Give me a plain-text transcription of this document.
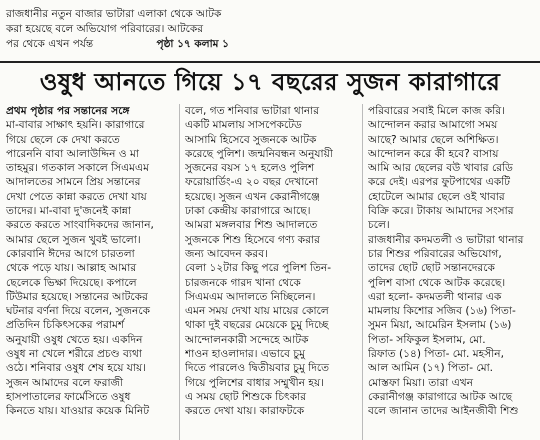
রাজধানীর নতুন বাজার ভাটারা এলাকা থেকে আটক
করা হয়েছে বলে অভিযোগ পরিবারের। আটকের
পর থেকে এখন পর্যন্ত	পৃষ্ঠা ১৭ কলাম ১
ওষুধ আনতে গিয়ে ১৭ বছরের সুজন কারাগারে
প্রথম পৃষ্ঠার পর সন্তানের সঙ্গে
মা-বাবার সাক্ষাৎ হয়নি। কারাগারে
গিয়ে ছেলে কে দেখা করতে
পারেননি বাবা আলাউদ্দিন ও মা
তাহমুর। গতকাল সকালে সিএমএম
আদালতের সামনে প্রিয় সন্তানের
দেখা পেতে কান্না করতে দেখা যায়
তাদের। মা-বাবা দু'জনেই কান্না
করতে করতে সাংবাদিকদের জানান,
আমার ছেলে সুজন খুবই ভালো।
কোরবানি ঈদের আগে চারতলা
থেকে পড়ে যায়। আল্লাহ আমার
ছেলেকে ভিক্ষা দিয়েছে। কপালে
টিউমার হয়েছে। সন্তানের আটকের
ঘটনার বর্ণনা দিয়ে বলেন, সুজনকে
প্রতিদিন চিকিৎসকের পরামর্শ
অনুযায়ী ওষুধ খেতে হয়। একদিন
ওষুধ না খেলে শরীরে প্রচণ্ড ব্যথা
ওঠে। শনিবার ওষুধ শেষ হয়ে যায়।
সুজন আমাদের বলে ফরাজী
হাসপাতালের ফার্মেসিতে ওষুধ
কিনতে যায়। যাওয়ার কয়েক মিনিট
বলে, গত শনিবার ভাটারা থানার
একটি মামলায় সাসপেকটেড
আসামি হিসেবে সুজনকে আটক
করেছে পুলিশ। জন্মনিবন্ধন অনুযায়ী
সুজনের বয়স ১৭ হলেও পুলিশ
ফরোয়ার্ডিং-এ ২০ বছর দেখানো
হয়েছে। সুজন এখন কেরানীগঞ্জে
ঢাকা কেন্দ্রীয় কারাগারে আছে।
আমরা মঙ্গলবার শিশু আদালতে
সুজনকে শিশু হিসেবে গণ্য করার
জন্য আবেদন করব।
বেলা ১২টার কিছু পরে পুলিশ তিন-
চারজনকে গারদ খানা থেকে
সিএমএম আদালতে নিচ্ছিলেন।
এমন সময় দেখা যায় মায়ের কোলে
থাকা দুই বছরের মেয়েকে চুমু দিচ্ছে
আন্দোলনকারী সন্দেহে আটক
শাওন হাওলাদার। এভাবে চুমু
দিতে পারলেও দ্বিতীয়বার চুমু দিতে
গিয়ে পুলিশের বাধার সম্মুখীন হয়।
এ সময় ছোট শিশুকে চিৎকার
করতে দেখা যায়। কারাফটকে
পরিবারের সবাই মিলে কাজ করি।
আন্দোলন করার আমাগো সময়
আছে? আমার ছেলে অশিক্ষিত।
আন্দোলন করে কী হবে? বাসায়
আমি আর ছেলের বউ খাবার রেডি
করে দেই। এরপর ফুটপাথের একটি
হোটেলে আমার ছেলে ওই খাবার
বিক্রি করে। টাকায় আমাদের সংসার
চলে।
রাজধানীর কদমতলী ও ভাটারা থানার
চার শিশুর পরিবারের অভিযোগ,
তাদের ছোট ছোট সন্তানদেরকে
পুলিশ বাসা থেকে আটক করেছে।
এরা হলো- কদমতলী থানার এক
মামলায় কিশোর সজিব (১৬) পিতা-
সুমন মিয়া, আমেরিন ইসলাম (১৬)
পিতা- সফিকুল ইসলাম, মো.
রিফাত (১৪) পিতা- মো. মহসীন,
আল আমিন (১৭) পিতা- মো.
মোস্তফা মিয়া। তারা এখন
কেরানীগঞ্জ কারাগারে আটক আছে
বলে জানান তাদের আইনজীবী শিশু
